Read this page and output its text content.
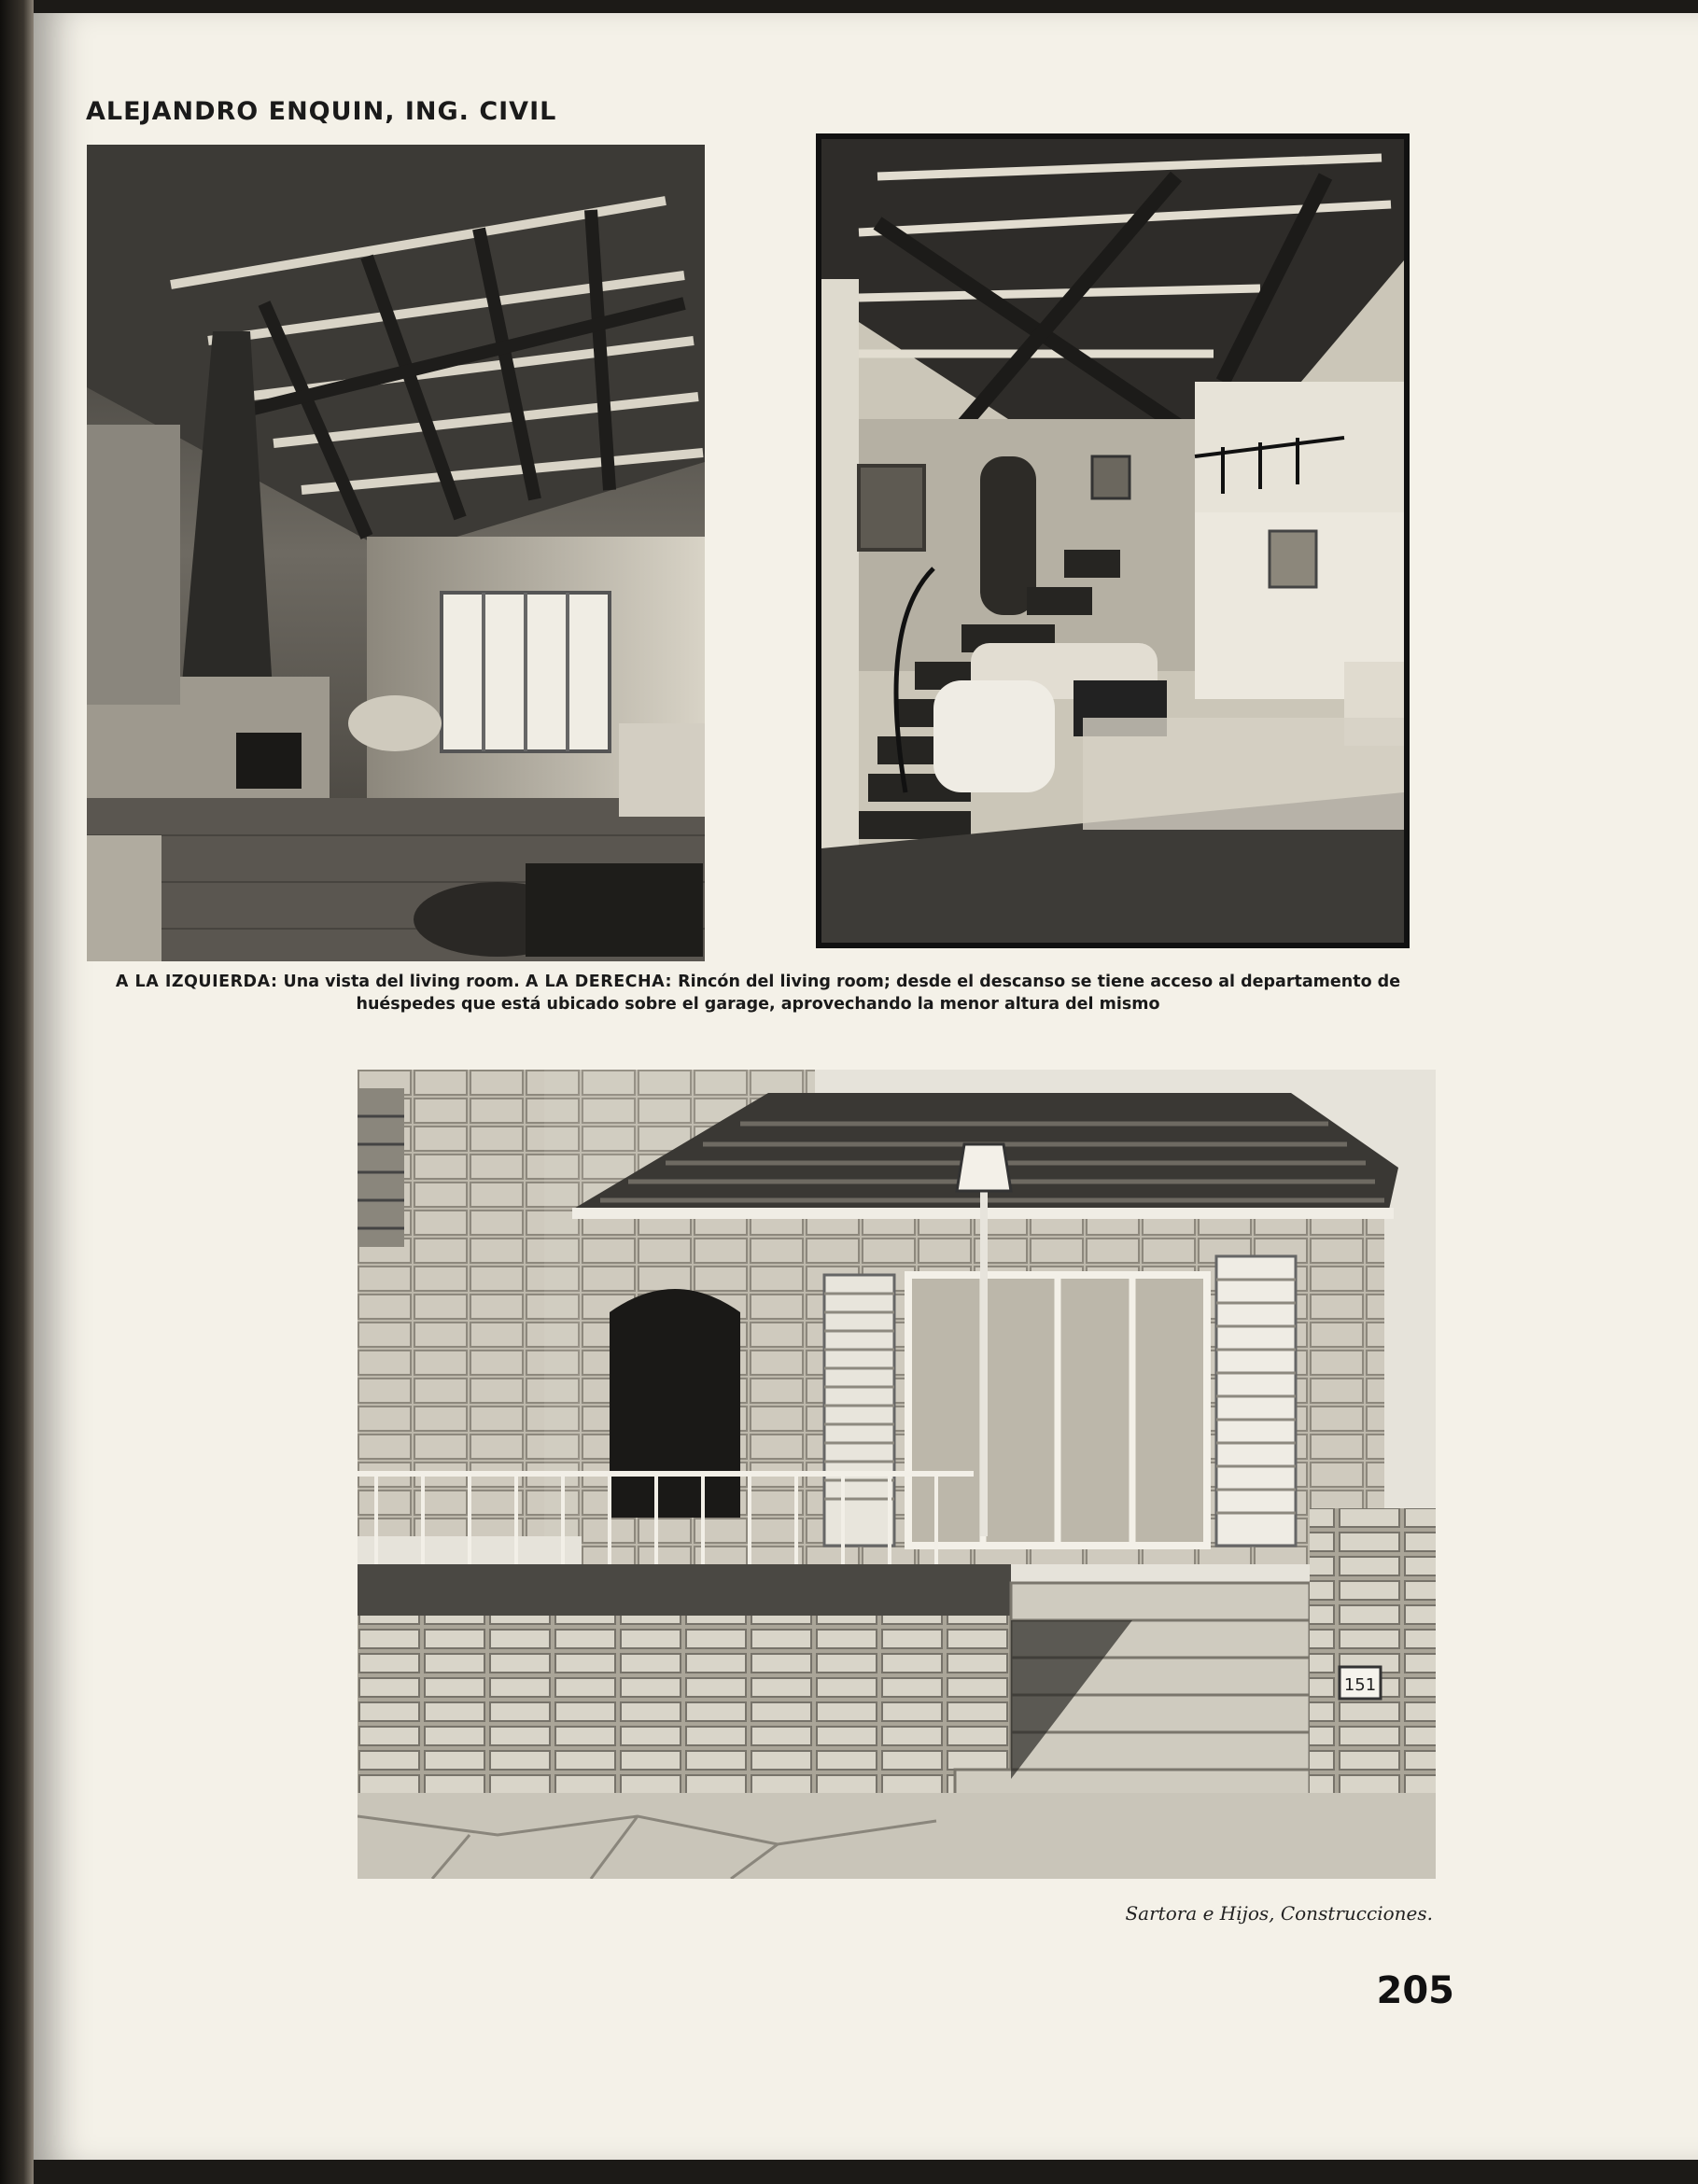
ALEJANDRO ENQUIN, ING. CIVIL
A LA IZQUIERDA: Una vista del living room. A LA DERECHA: Rincón del living room; desde el descanso se tiene acceso al departamento de huéspedes que está ubicado sobre el garage, aprovechando la menor altura del mismo
151
Sartora e Hijos, Construcciones.
205
